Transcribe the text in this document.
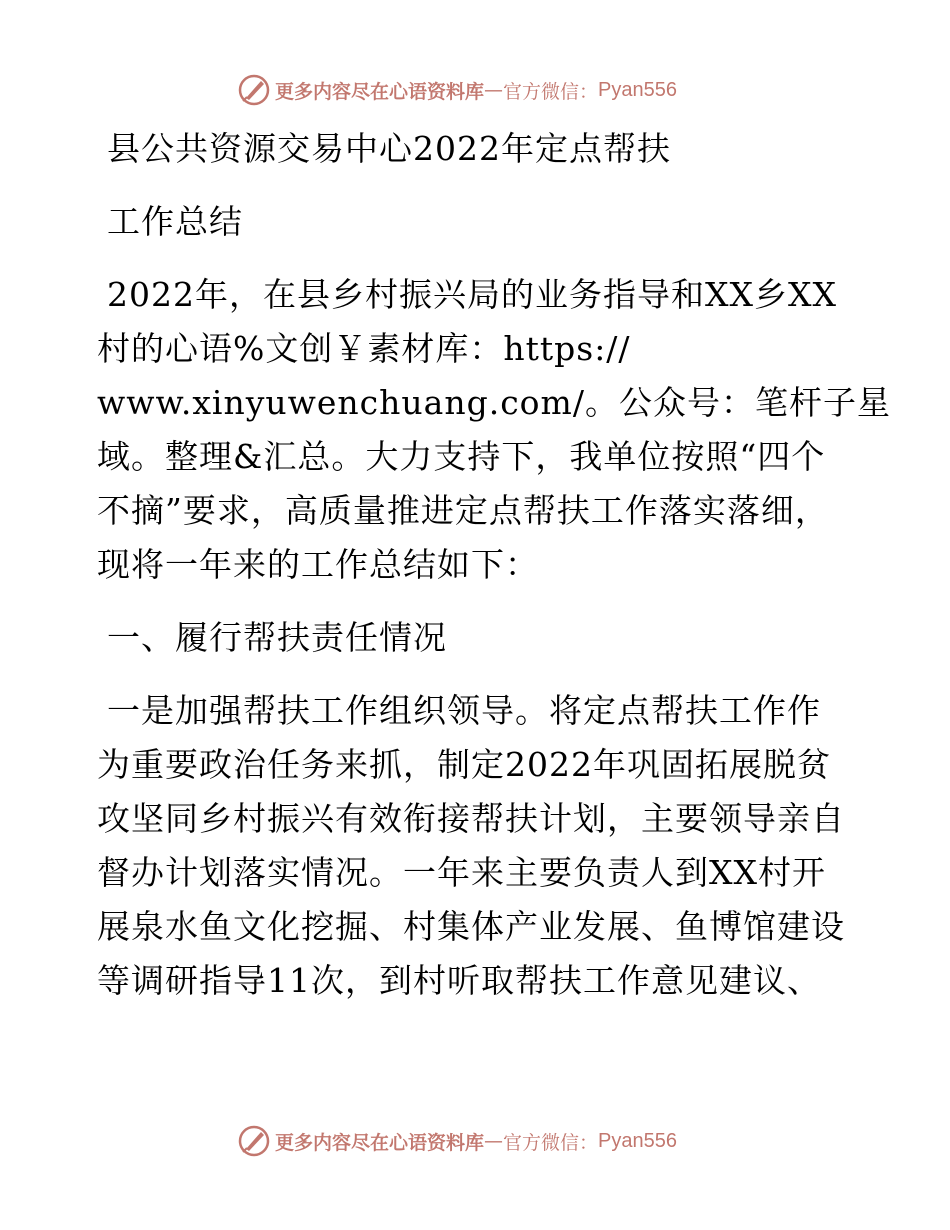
更多内容尽在心语资料库 — 官方微信： Pyan556
县公共资源交易中心2022年定点帮扶
工作总结
2022年，在县乡村振兴局的业务指导和XX乡XX
村的心语%文创￥素材库：https://
www.xinyuwenchuang.com/。公众号：笔杆子星
域。整理&汇总。大力支持下，我单位按照“四个
不摘”要求，高质量推进定点帮扶工作落实落细，
现将一年来的工作总结如下：
一、履行帮扶责任情况
一是加强帮扶工作组织领导。将定点帮扶工作作
为重要政治任务来抓，制定2022年巩固拓展脱贫
攻坚同乡村振兴有效衔接帮扶计划，主要领导亲自
督办计划落实情况。一年来主要负责人到XX村开
展泉水鱼文化挖掘、村集体产业发展、鱼博馆建设
等调研指导11次，到村听取帮扶工作意见建议、
更多内容尽在心语资料库 — 官方微信： Pyan556
